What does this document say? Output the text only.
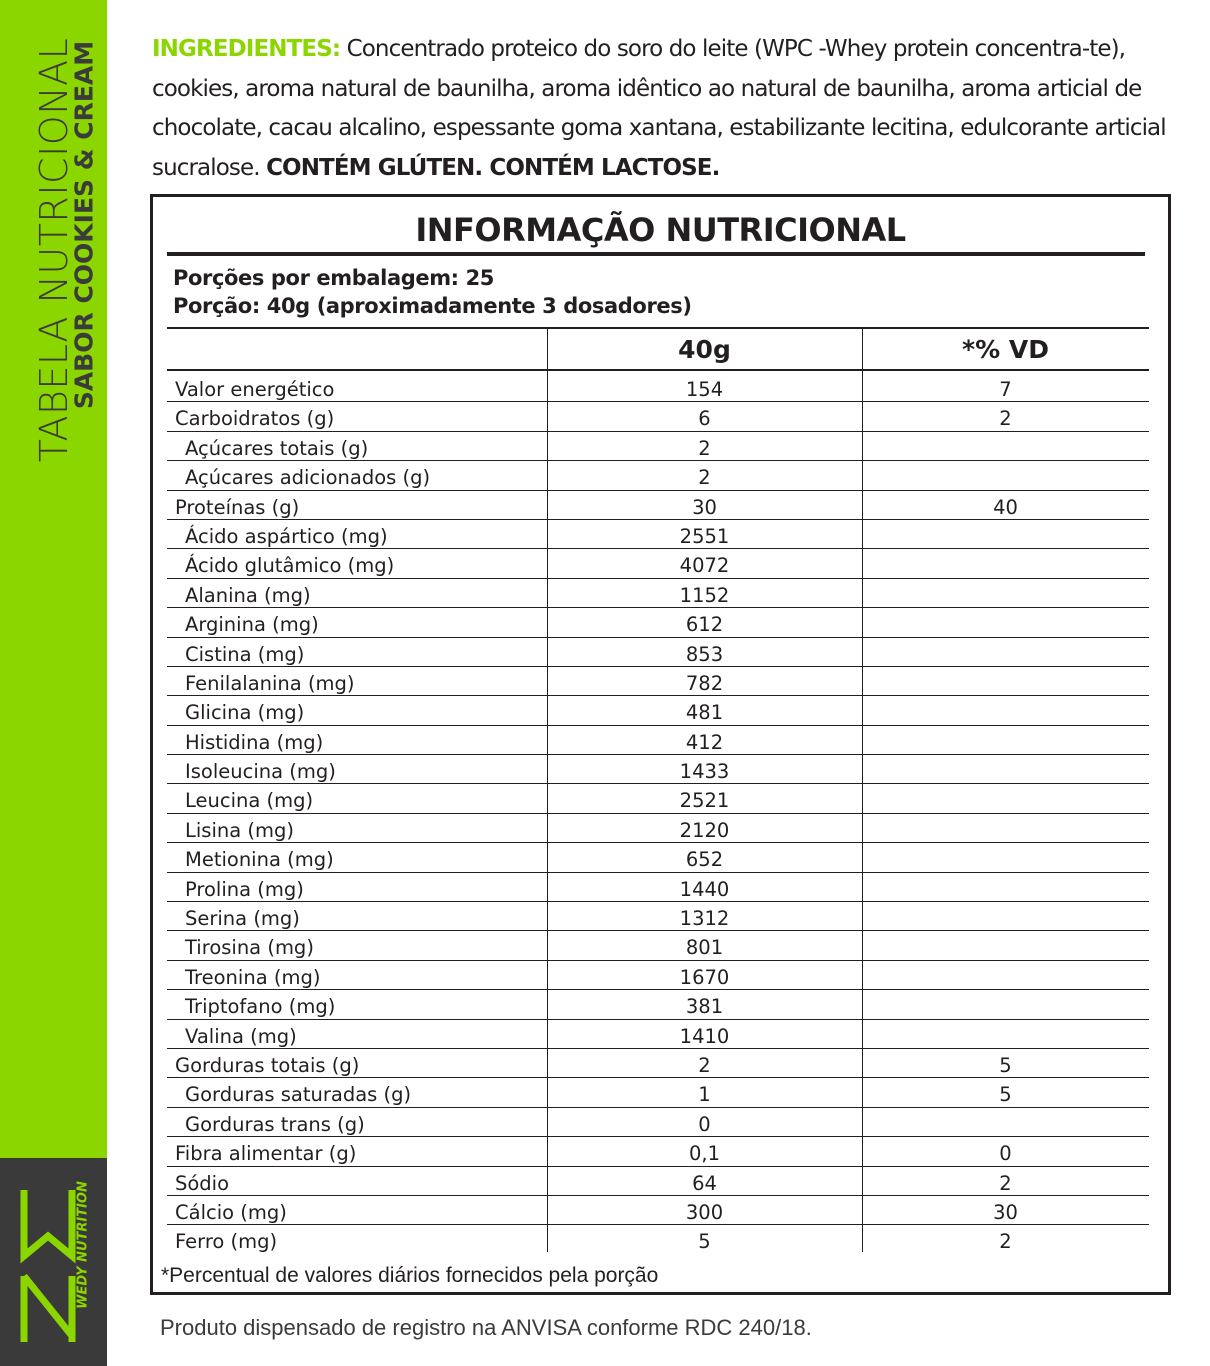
TABELA NUTRICIONAL
SABOR COOKIES & CREAM
WEDY NUTRITION
INGREDIENTES: Concentrado proteico do soro do leite (WPC -Whey protein concentra-te), cookies, aroma natural de baunilha, aroma idêntico ao natural de baunilha, aroma articial de chocolate, cacau alcalino, espessante goma xantana, estabilizante lecitina, edulcorante articial sucralose. CONTÉM GLÚTEN. CONTÉM LACTOSE.
INFORMAÇÃO NUTRICIONAL
Porções por embalagem: 25
Porção: 40g (aproximadamente 3 dosadores)
40g	*% VD
Valor energético	154	7
Carboidratos (g)	6	2
Açúcares totais (g)	2
Açúcares adicionados (g)	2
Proteínas (g)	30	40
Ácido aspártico (mg)	2551
Ácido glutâmico (mg)	4072
Alanina (mg)	1152
Arginina (mg)	612
Cistina (mg)	853
Fenilalanina (mg)	782
Glicina (mg)	481
Histidina (mg)	412
Isoleucina (mg)	1433
Leucina (mg)	2521
Lisina (mg)	2120
Metionina (mg)	652
Prolina (mg)	1440
Serina (mg)	1312
Tirosina (mg)	801
Treonina (mg)	1670
Triptofano (mg)	381
Valina (mg)	1410
Gorduras totais (g)	2	5
Gorduras saturadas (g)	1	5
Gorduras trans (g)	0
Fibra alimentar (g)	0,1	0
Sódio	64	2
Cálcio (mg)	300	30
Ferro (mg)	5	2
*Percentual de valores diários fornecidos pela porção
Produto dispensado de registro na ANVISA conforme RDC 240/18.
